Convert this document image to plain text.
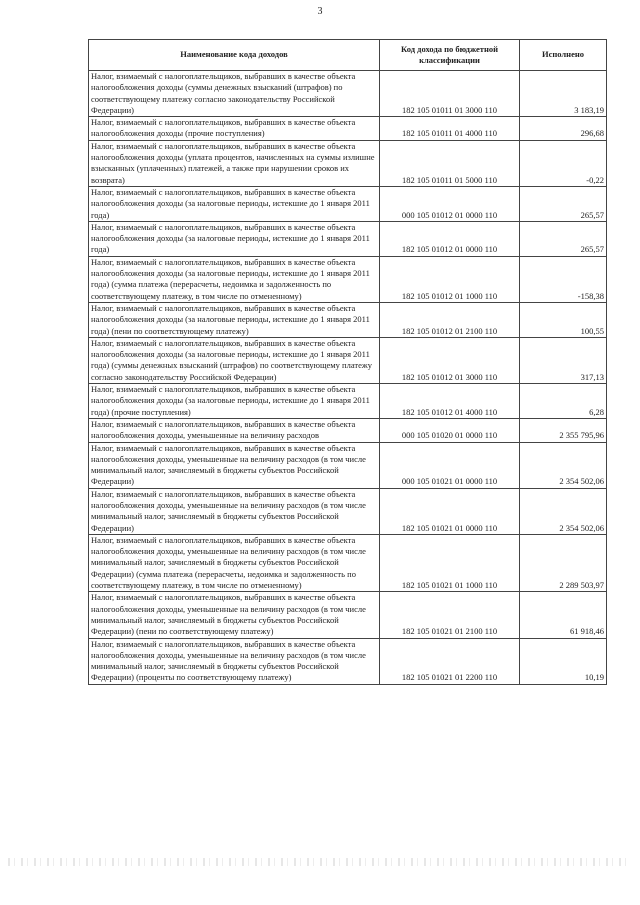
3
Наименование кода доходов	Код дохода по бюджетной классификации	Исполнено
Налог, взимаемый с налогоплательщиков, выбравших в качестве объекта налогообложения доходы (суммы денежных взысканий (штрафов) по соответствующему платежу согласно законодательству Российской Федерации)	182 105 01011 01 3000 110	3 183,19
Налог, взимаемый с налогоплательщиков, выбравших в качестве объекта налогообложения доходы (прочие поступления)	182 105 01011 01 4000 110	296,68
Налог, взимаемый с налогоплательщиков, выбравших в качестве объекта налогообложения доходы (уплата процентов, начисленных на суммы излишне взысканных (уплаченных) платежей, а также при нарушении сроков их возврата)	182 105 01011 01 5000 110	-0,22
Налог, взимаемый с налогоплательщиков, выбравших в качестве объекта налогообложения доходы (за налоговые периоды, истекшие до 1 января 2011 года)	000 105 01012 01 0000 110	265,57
Налог, взимаемый с налогоплательщиков, выбравших в качестве объекта налогообложения доходы (за налоговые периоды, истекшие до 1 января 2011 года)	182 105 01012 01 0000 110	265,57
Налог, взимаемый с налогоплательщиков, выбравших в качестве объекта налогообложения доходы (за налоговые периоды, истекшие до 1 января 2011 года) (сумма платежа (перерасчеты, недоимка и задолженность по соответствующему платежу, в том числе по отмененному)	182 105 01012 01 1000 110	-158,38
Налог, взимаемый с налогоплательщиков, выбравших в качестве объекта налогообложения доходы (за налоговые периоды, истекшие до 1 января 2011 года) (пени по соответствующему платежу)	182 105 01012 01 2100 110	100,55
Налог, взимаемый с налогоплательщиков, выбравших в качестве объекта налогообложения доходы (за налоговые периоды, истекшие до 1 января 2011 года) (суммы денежных взысканий (штрафов) по соответствующему платежу согласно законодательству Российской Федерации)	182 105 01012 01 3000 110	317,13
Налог, взимаемый с налогоплательщиков, выбравших в качестве объекта налогообложения доходы (за налоговые периоды, истекшие до 1 января 2011 года) (прочие поступления)	182 105 01012 01 4000 110	6,28
Налог, взимаемый с налогоплательщиков, выбравших в качестве объекта налогообложения доходы, уменьшенные на величину расходов	000 105 01020 01 0000 110	2 355 795,96
Налог, взимаемый с налогоплательщиков, выбравших в качестве объекта налогообложения доходы, уменьшенные на величину расходов (в том числе минимальный налог, зачисляемый в бюджеты субъектов Российской Федерации)	000 105 01021 01 0000 110	2 354 502,06
Налог, взимаемый с налогоплательщиков, выбравших в качестве объекта налогообложения доходы, уменьшенные на величину расходов (в том числе минимальный налог, зачисляемый в бюджеты субъектов Российской Федерации)	182 105 01021 01 0000 110	2 354 502,06
Налог, взимаемый с налогоплательщиков, выбравших в качестве объекта налогообложения доходы, уменьшенные на величину расходов (в том числе минимальный налог, зачисляемый в бюджеты субъектов Российской Федерации) (сумма платежа (перерасчеты, недоимка и задолженность по соответствующему платежу, в том числе по отмененному)	182 105 01021 01 1000 110	2 289 503,97
Налог, взимаемый с налогоплательщиков, выбравших в качестве объекта налогообложения доходы, уменьшенные на величину расходов (в том числе минимальный налог, зачисляемый в бюджеты субъектов Российской Федерации) (пени по соответствующему платежу)	182 105 01021 01 2100 110	61 918,46
Налог, взимаемый с налогоплательщиков, выбравших в качестве объекта налогообложения доходы, уменьшенные на величину расходов (в том числе минимальный налог, зачисляемый в бюджеты субъектов Российской Федерации) (проценты по соответствующему платежу)	182 105 01021 01 2200 110	10,19
